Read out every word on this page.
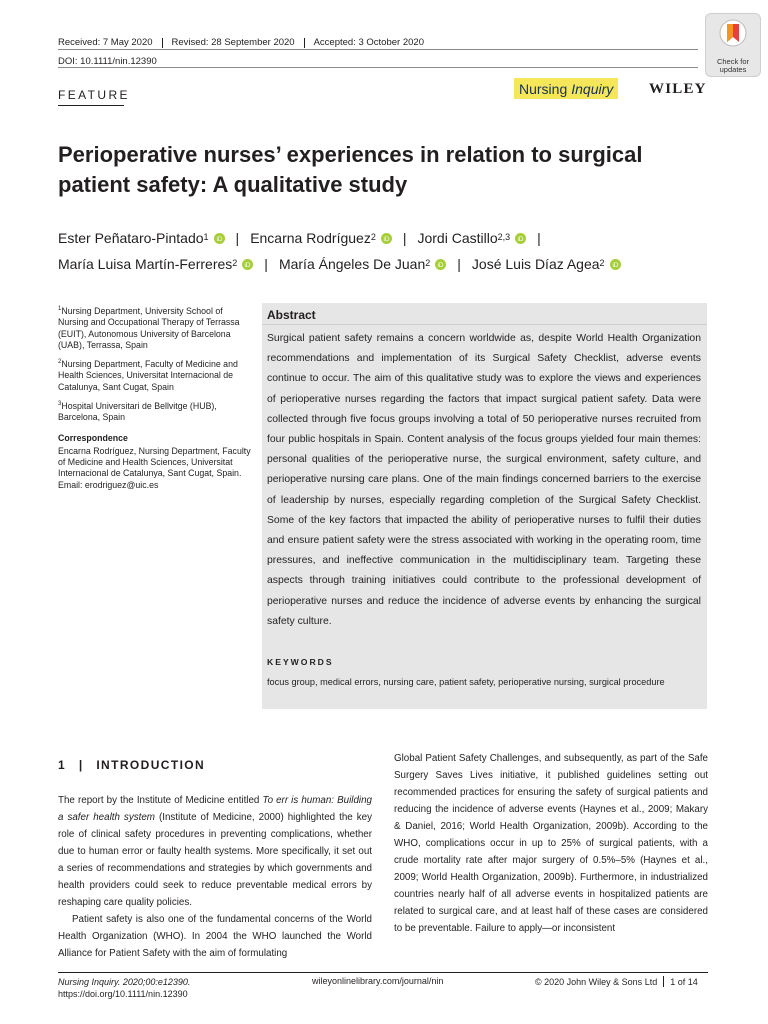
Received: 7 May 2020 Revised: 28 September 2020 Accepted: 3 October 2020
DOI: 10.1111/nin.12390	Check for
updates
FEATURE	Nursing Inquiry WILEY
Perioperative nurses’ experiences in relation to surgical patient safety: A qualitative study
Ester Peñataro-Pintado$^1$ iD | Encarna Rodríguez$^2$ iD | Jordi Castillo$^{2,3}$ iD |

María Luisa Martín-Ferreres$^2$ iD | María Ángeles De Juan$^2$ iD | José Luis Díaz Agea$^2$ iD

$^1$Nursing Department, University School of Nursing and Occupational Therapy of Terrassa (EUIT), Autonomous University of Barcelona (UAB), Terrassa, Spain

$^2$Nursing Department, Faculty of Medicine and Health Sciences, Universitat Internacional de Catalunya, Sant Cugat, Spain

$^3$Hospital Universitari de Bellvitge (HUB), Barcelona, Spain

Correspondence

Encarna Rodríguez, Nursing Department, Faculty of Medicine and Health Sciences, Universitat Internacional de Catalunya, Sant Cugat, Spain.

Email: erodriguez@uic.es

Abstract

Surgical patient safety remains a concern worldwide as, despite World Health Organization recommendations and implementation of its Surgical Safety Checklist, adverse events continue to occur. The aim of this qualitative study was to explore the views and experiences of perioperative nurses regarding the factors that impact surgical patient safety. Data were collected through five focus groups involving a total of 50 perioperative nurses recruited from four public hospitals in Spain. Content analysis of the focus groups yielded four main themes: personal qualities of the perioperative nurse, the surgical environment, safety culture, and perioperative nursing care plans. One of the main findings concerned barriers to the exercise of leadership by nurses, especially regarding completion of the Surgical Safety Checklist. Some of the key factors that impacted the ability of perioperative nurses to fulfil their duties and ensure patient safety were the stress associated with working in the operating room, time pressures, and ineffective communication in the multidisciplinary team. Targeting these aspects through training initiatives could contribute to the professional development of perioperative nurses and reduce the incidence of adverse events by enhancing the surgical safety culture.

KEYWORDS
focus group, medical errors, nursing care, patient safety, perioperative nursing, surgical procedure
1 | INTRODUCTION

The report by the Institute of Medicine entitled To err is human: Building a safer health system (Institute of Medicine, 2000) highlighted the key role of clinical safety procedures in preventing complications, whether due to human error or faulty health systems. More specifically, it set out a series of recommendations and strategies by which governments and health providers could seek to reduce preventable medical errors by reshaping care quality policies.

Patient safety is also one of the fundamental concerns of the World Health Organization (WHO). In 2004 the WHO launched the World Alliance for Patient Safety with the aim of formulating

Global Patient Safety Challenges, and subsequently, as part of the Safe Surgery Saves Lives initiative, it published guidelines setting out recommended practices for ensuring the safety of surgical patients and reducing the incidence of adverse events (Haynes et al., 2009; Makary & Daniel, 2016; World Health Organization, 2009b). According to the WHO, complications occur in up to 25% of surgical patients, with a crude mortality rate after major surgery of 0.5%–5% (Haynes et al., 2009; World Health Organization, 2009b). Furthermore, in industrialized countries nearly half of all adverse events in hospitalized patients are related to surgical care, and at least half of these cases are considered to be preventable. Failure to apply—or inconsistent

Nursing Inquiry. 2020;00:e12390.
https://doi.org/10.1111/nin.12390
wileyonlinelibrary.com/journal/nin	© 2020 John Wiley & Sons Ltd 1 of 14
